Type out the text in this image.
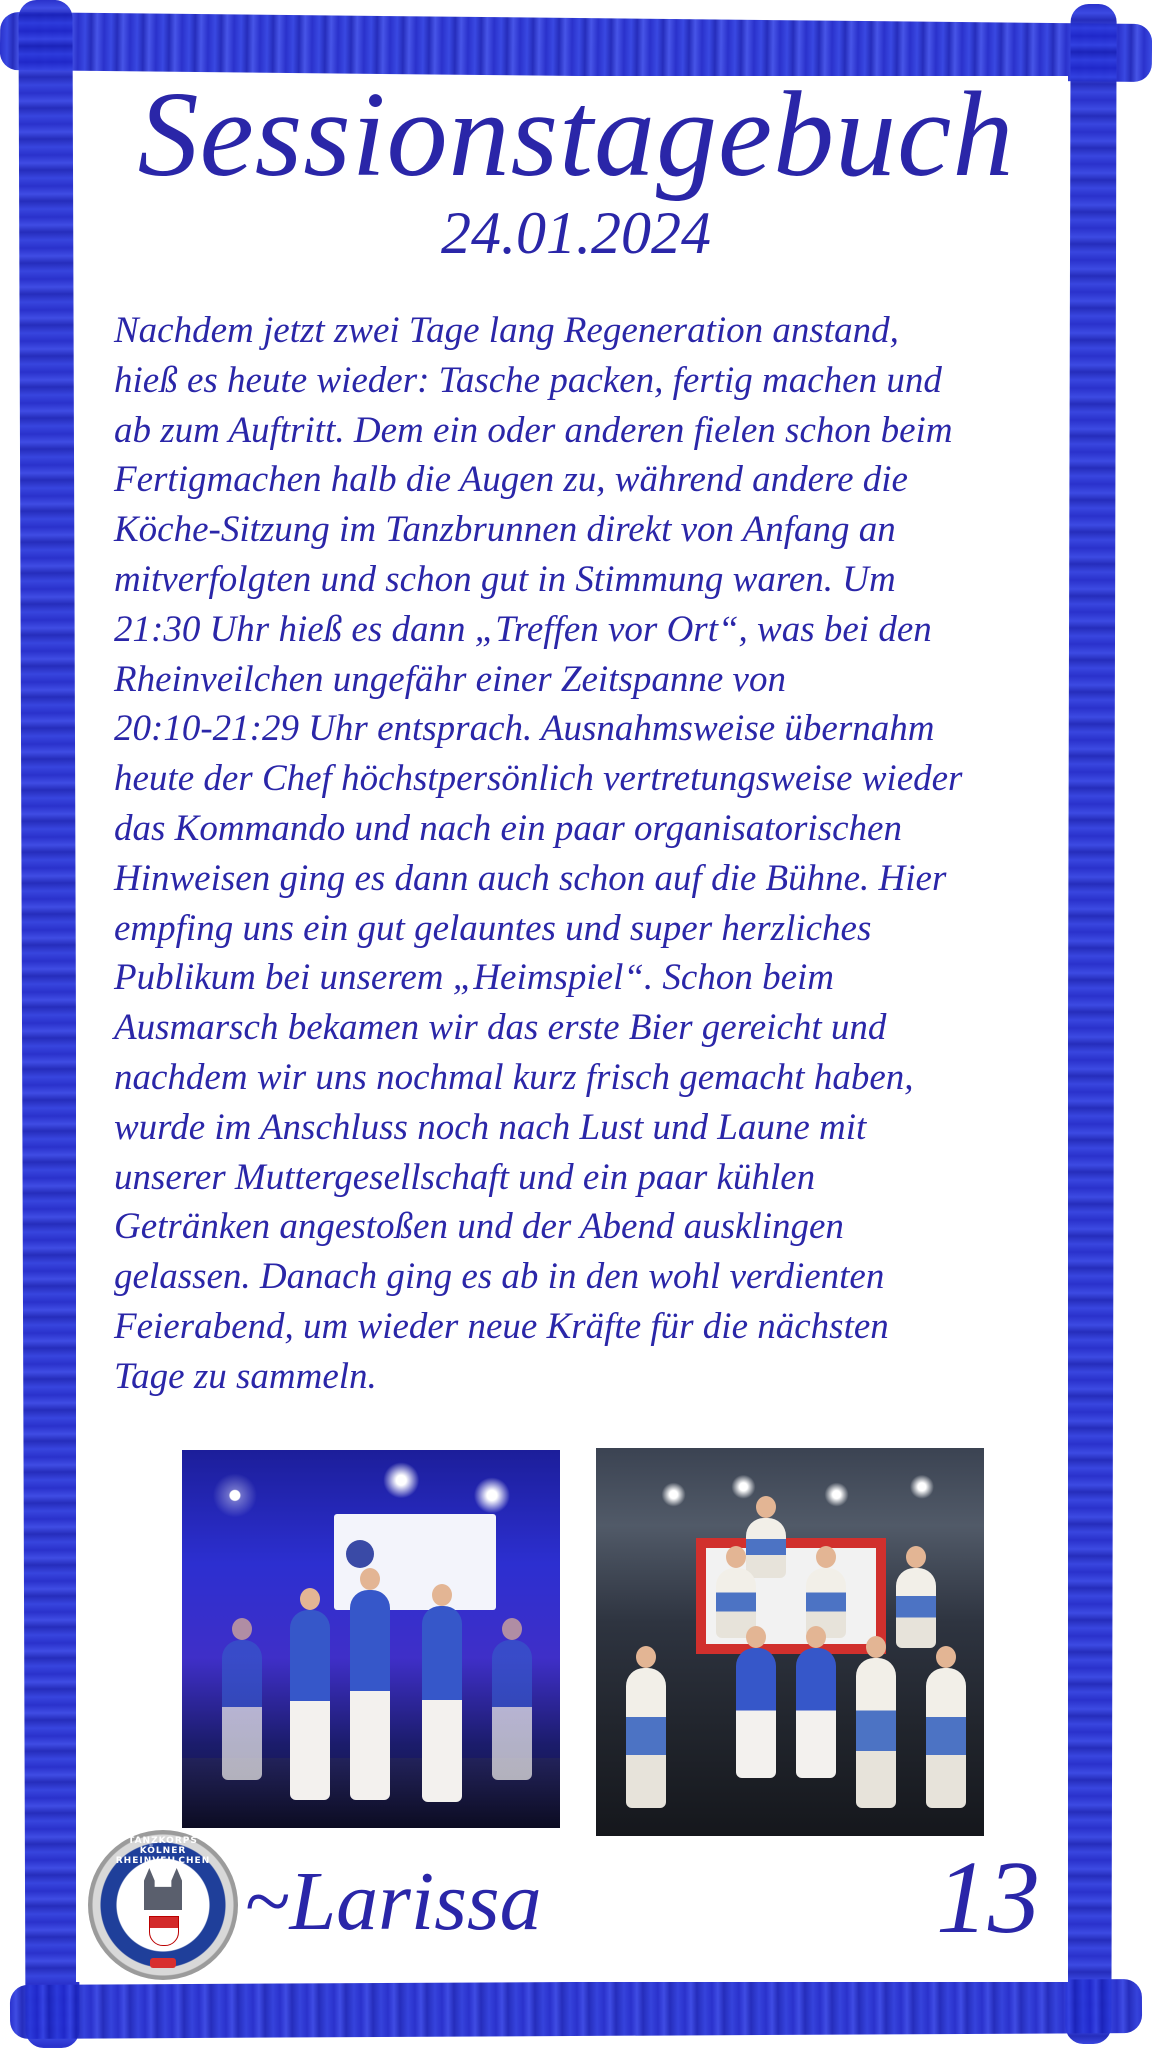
Sessionstagebuch
24.01.2024

Nachdem jetzt zwei Tage lang Regeneration anstand,
hieß es heute wieder: Tasche packen, fertig machen und
ab zum Auftritt. Dem ein oder anderen fielen schon beim
Fertigmachen halb die Augen zu, während andere die
Köche-Sitzung im Tanzbrunnen direkt von Anfang an
mitverfolgten und schon gut in Stimmung waren. Um
21:30 Uhr hieß es dann „Treffen vor Ort“, was bei den
Rheinveilchen ungefähr einer Zeitspanne von
20:10-21:29 Uhr entsprach. Ausnahmsweise übernahm
heute der Chef höchstpersönlich vertretungsweise wieder
das Kommando und nach ein paar organisatorischen
Hinweisen ging es dann auch schon auf die Bühne. Hier
empfing uns ein gut gelauntes und super herzliches
Publikum bei unserem „Heimspiel“. Schon beim
Ausmarsch bekamen wir das erste Bier gereicht und
nachdem wir uns nochmal kurz frisch gemacht haben,
wurde im Anschluss noch nach Lust und Laune mit
unserer Muttergesellschaft und ein paar kühlen
Getränken angestoßen und der Abend ausklingen
gelassen. Danach ging es ab in den wohl verdienten
Feierabend, um wieder neue Kräfte für die nächsten
Tage zu sammeln.

TANZKORPS KÖLNER RHEINVEILCHEN E.V. ~Larissa	13
